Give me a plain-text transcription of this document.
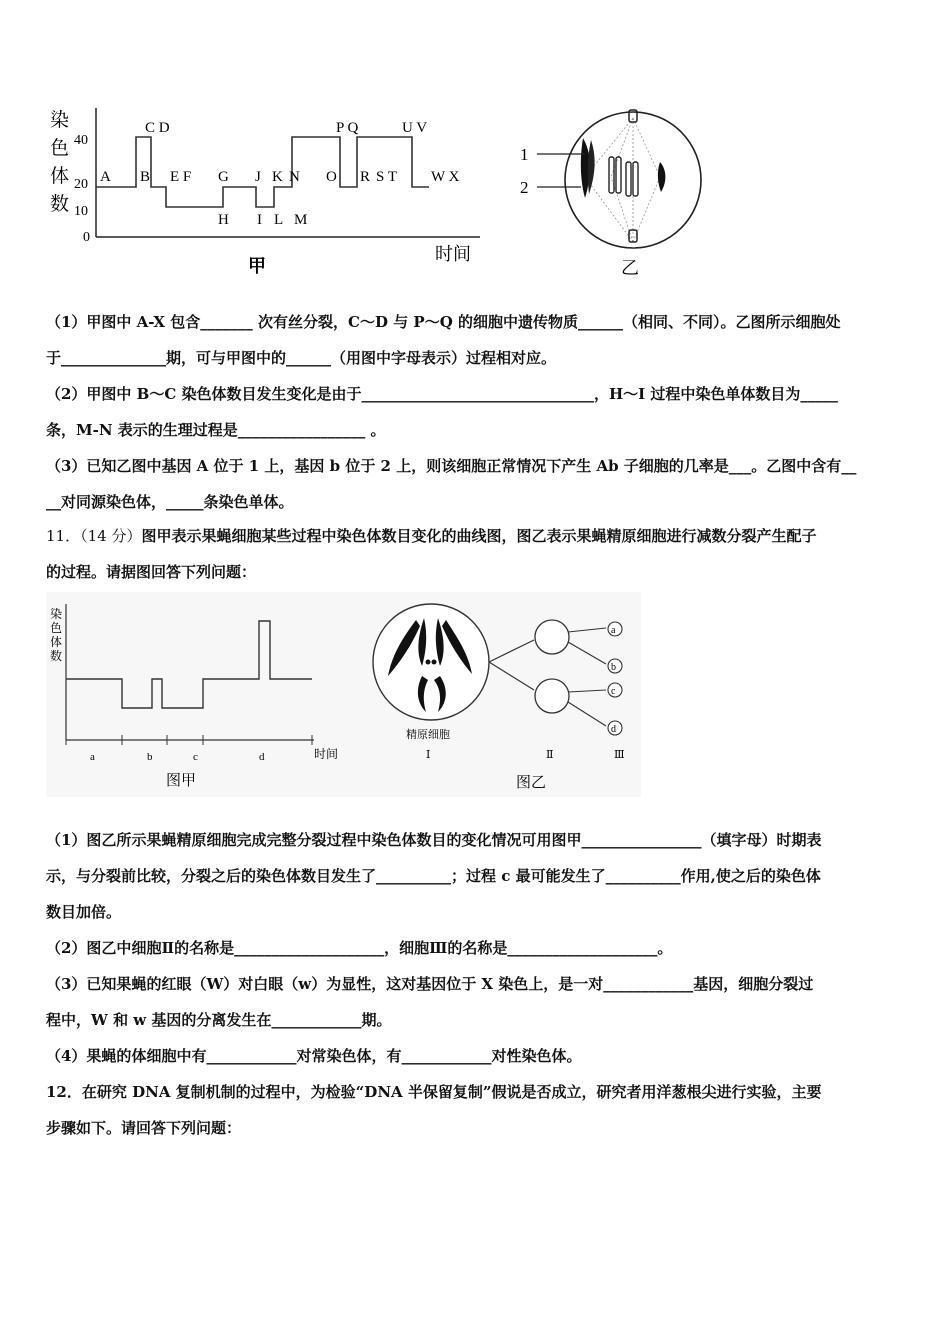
染
色
体
数
40
20
10
0
A B
C D
E F G
H I
J K
L M
N O
P Q
R S T
U V
W X
时间
甲
1
2
乙
（1）甲图中 A-X 包含_______ 次有丝分裂，C～D 与 P～Q 的细胞中遗传物质______（相同、不同）。乙图所示细胞处
于______________期，可与甲图中的______（用图中字母表示）过程相对应。
（2）甲图中 B～C 染色体数目发生变化是由于_______________________________，H～I 过程中染色单体数目为_____
条，M-N 表示的生理过程是_________________ 。
（3）已知乙图中基因 A 位于 1 上，基因 b 位于 2 上，则该细胞正常情况下产生 Ab 子细胞的几率是___。乙图中含有__
__对同源染色体，_____条染色单体。
11．（14 分）图甲表示果蝇细胞某些过程中染色体数目变化的曲线图，图乙表示果蝇精原细胞进行减数分裂产生配子
的过程。请据图回答下列问题：
染
色
体
数
a	b	c	d	时间
图甲
a
b
c
d
精原细胞
Ⅰ	Ⅱ	Ⅲ
图乙
（1）图乙所示果蝇精原细胞完成完整分裂过程中染色体数目的变化情况可用图甲________________（填字母）时期表
示，与分裂前比较，分裂之后的染色体数目发生了__________；过程 c 最可能发生了__________作用,使之后的染色体
数目加倍。
（2）图乙中细胞Ⅱ的名称是____________________，细胞Ⅲ的名称是____________________。
（3）已知果蝇的红眼（W）对白眼（w）为显性，这对基因位于 X 染色上，是一对____________基因，细胞分裂过
程中，W 和 w 基因的分离发生在____________期。
（4）果蝇的体细胞中有____________对常染色体，有____________对性染色体。
12．在研究 DNA 复制机制的过程中，为检验“DNA 半保留复制”假说是否成立，研究者用洋葱根尖进行实验，主要
步骤如下。请回答下列问题：
